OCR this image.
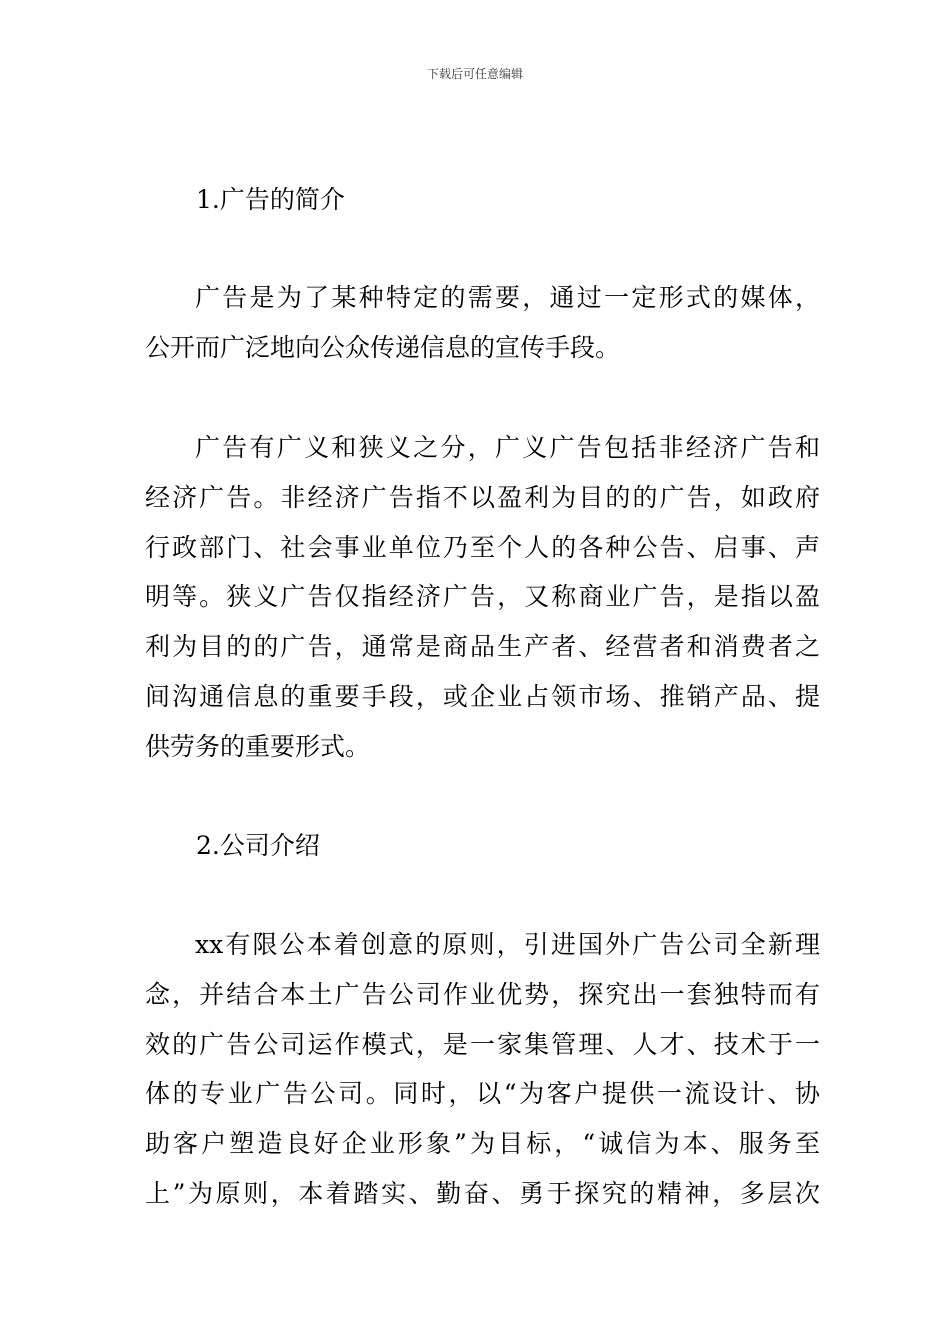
下载后可任意编辑
1.广告的简介
广告是为了某种特定的需要，通过一定形式的媒体，
公开而广泛地向公众传递信息的宣传手段。
广告有广义和狭义之分，广义广告包括非经济广告和
经济广告。非经济广告指不以盈利为目的的广告，如政府
行政部门、社会事业单位乃至个人的各种公告、启事、声
明等。狭义广告仅指经济广告，又称商业广告，是指以盈
利为目的的广告，通常是商品生产者、经营者和消费者之
间沟通信息的重要手段，或企业占领市场、推销产品、提
供劳务的重要形式。
2.公司介绍
xx有限公本着创意的原则，引进国外广告公司全新理
念，并结合本土广告公司作业优势，探究出一套独特而有
效的广告公司运作模式，是一家集管理、人才、技术于一
体的专业广告公司。同时，以“为客户提供一流设计、协
助客户塑造良好企业形象”为目标，“诚信为本、服务至
上”为原则，本着踏实、勤奋、勇于探究的精神，多层次
